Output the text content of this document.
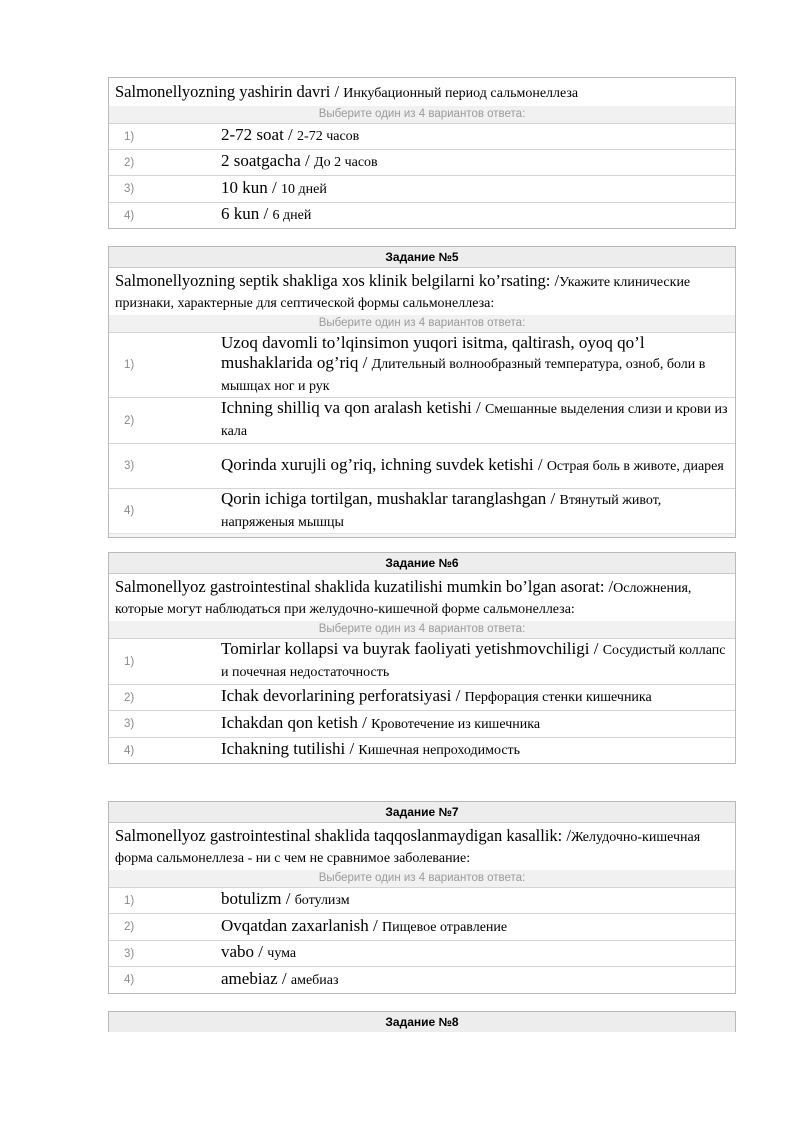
Salmonellyozning yashirin davri / Инкубационный период сальмонеллеза
Выберите один из 4 вариантов ответа:
1)	2-72 soat / 2-72 часов
2)	2 soatgacha / До 2 часов
3)	10 kun / 10 дней
4)	6 kun / 6 дней
Задание №5
Salmonellyozning septik shakliga xos klinik belgilarni ko’rsating: /Укажите клинические признаки, характерные для септической формы сальмонеллеза:
Выберите один из 4 вариантов ответа:
1)
Uzoq davomli to’lqinsimon yuqori isitma, qaltirash, oyoq qo’l mushaklarida og’riq / Длительный волнообразный температура, озноб, боли в мышцах ног и рук
2)
Ichning shilliq va qon aralash ketishi / Смешанные выделения слизи и крови из кала
3)	Qorinda xurujli og’riq, ichning suvdek ketishi / Острая боль в животе, диарея
4)
Qorin ichiga tortilgan, mushaklar taranglashgan / Втянутый живот, напряженыя мышцы
Задание №6
Salmonellyoz gastrointestinal shaklida kuzatilishi mumkin bo’lgan asorat: /Осложнения, которые могут наблюдаться при желудочно-кишечной форме сальмонеллеза:
Выберите один из 4 вариантов ответа:
1)
Tomirlar kollapsi va buyrak faoliyati yetishmovchiligi / Сосудистый коллапс и почечная недостаточность
2)	Ichak devorlarining perforatsiyasi / Перфорация стенки кишечника
3)	Ichakdan qon ketish / Кровотечение из кишечника
4)	Ichakning tutilishi / Кишечная непроходимость
Задание №7
Salmonellyoz gastrointestinal shaklida taqqoslanmaydigan kasallik: /Желудочно-кишечная форма сальмонеллеза - ни с чем не сравнимое заболевание:
Выберите один из 4 вариантов ответа:
1)	botulizm / ботулизм
2)	Ovqatdan zaxarlanish / Пищевое отравление
3)	vabo / чума
4)	amebiaz / амебиаз
Задание №8
